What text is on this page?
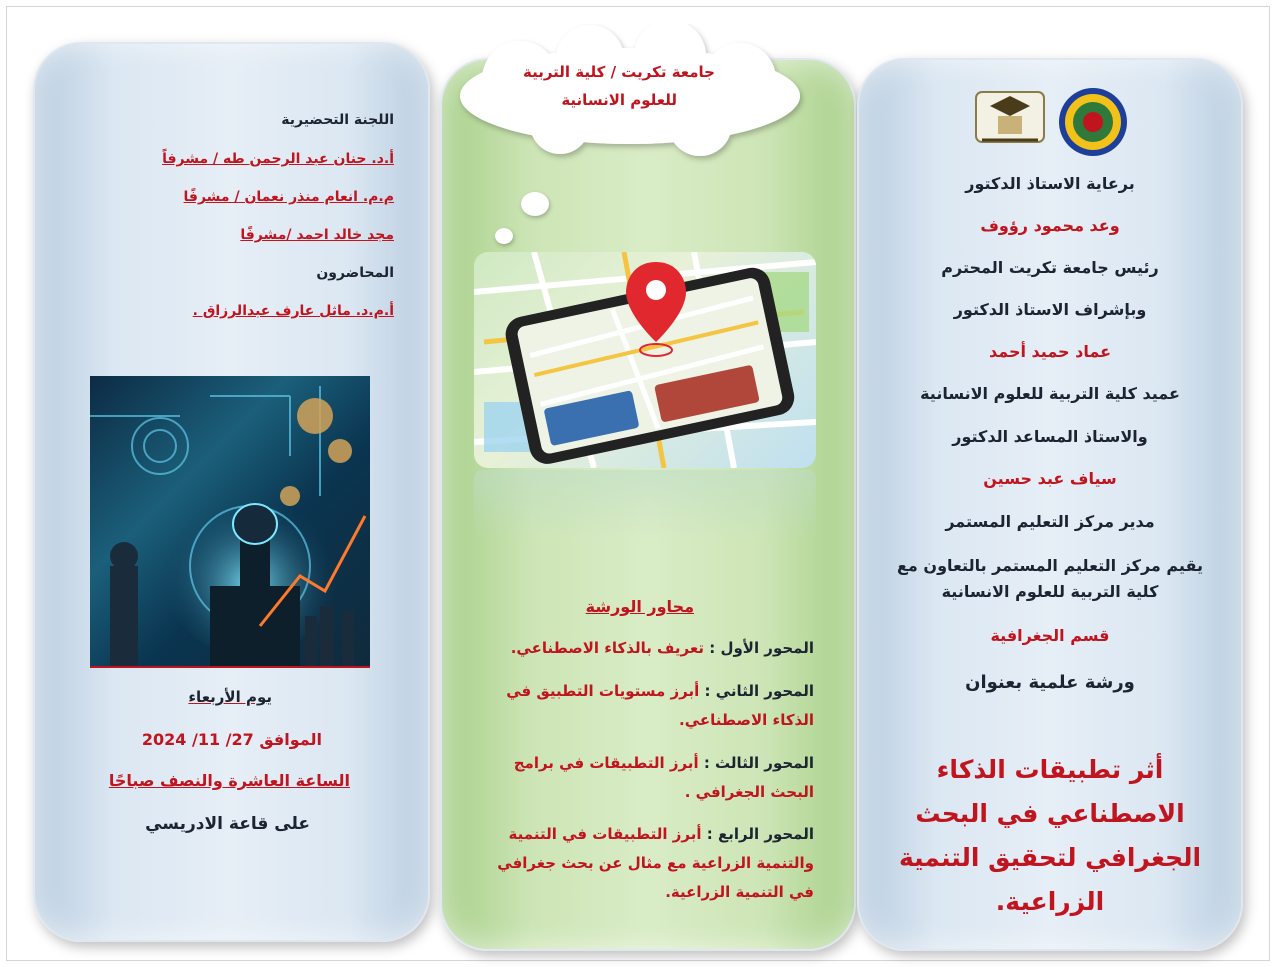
اللجنة التحضيرية
أ.د. حنان عبد الرحمن طه / مشرفاً
م.م. انعام منذر نعمان / مشرفًا
مجد خالد احمد /مشرفًا
المحاضرون
أ.م.د. ماثل عارف عبدالرزاق .
يوم الأربعاء
الموافق 27/ 11/ 2024
الساعة العاشرة والنصف صباحًا
على قاعة الادريسي
جامعة تكريت / كلية التربية
للعلوم الانسانية
محاور الورشة
المحور الأول : تعريف بالذكاء الاصطناعي.
المحور الثاني : أبرز مستويات التطبيق في الذكاء الاصطناعي.
المحور الثالث : أبرز التطبيقات في برامج البحث الجغرافي .
المحور الرابع : أبرز التطبيقات في التنمية والتنمية الزراعية مع مثال عن بحث جغرافي في التنمية الزراعية.
برعاية الاستاذ الدكتور
وعد محمود رؤوف
رئيس جامعة تكريت المحترم
وبإشراف الاستاذ الدكتور
عماد حميد أحمد
عميد كلية التربية للعلوم الانسانية
والاستاذ المساعد الدكتور
سياف عبد حسين
مدير مركز التعليم المستمر
يقيم مركز التعليم المستمر بالتعاون مع
كلية التربية للعلوم الانسانية
قسم الجغرافية
ورشة علمية بعنوان
أثر تطبيقات الذكاء الاصطناعي في البحث الجغرافي لتحقيق التنمية الزراعية.
